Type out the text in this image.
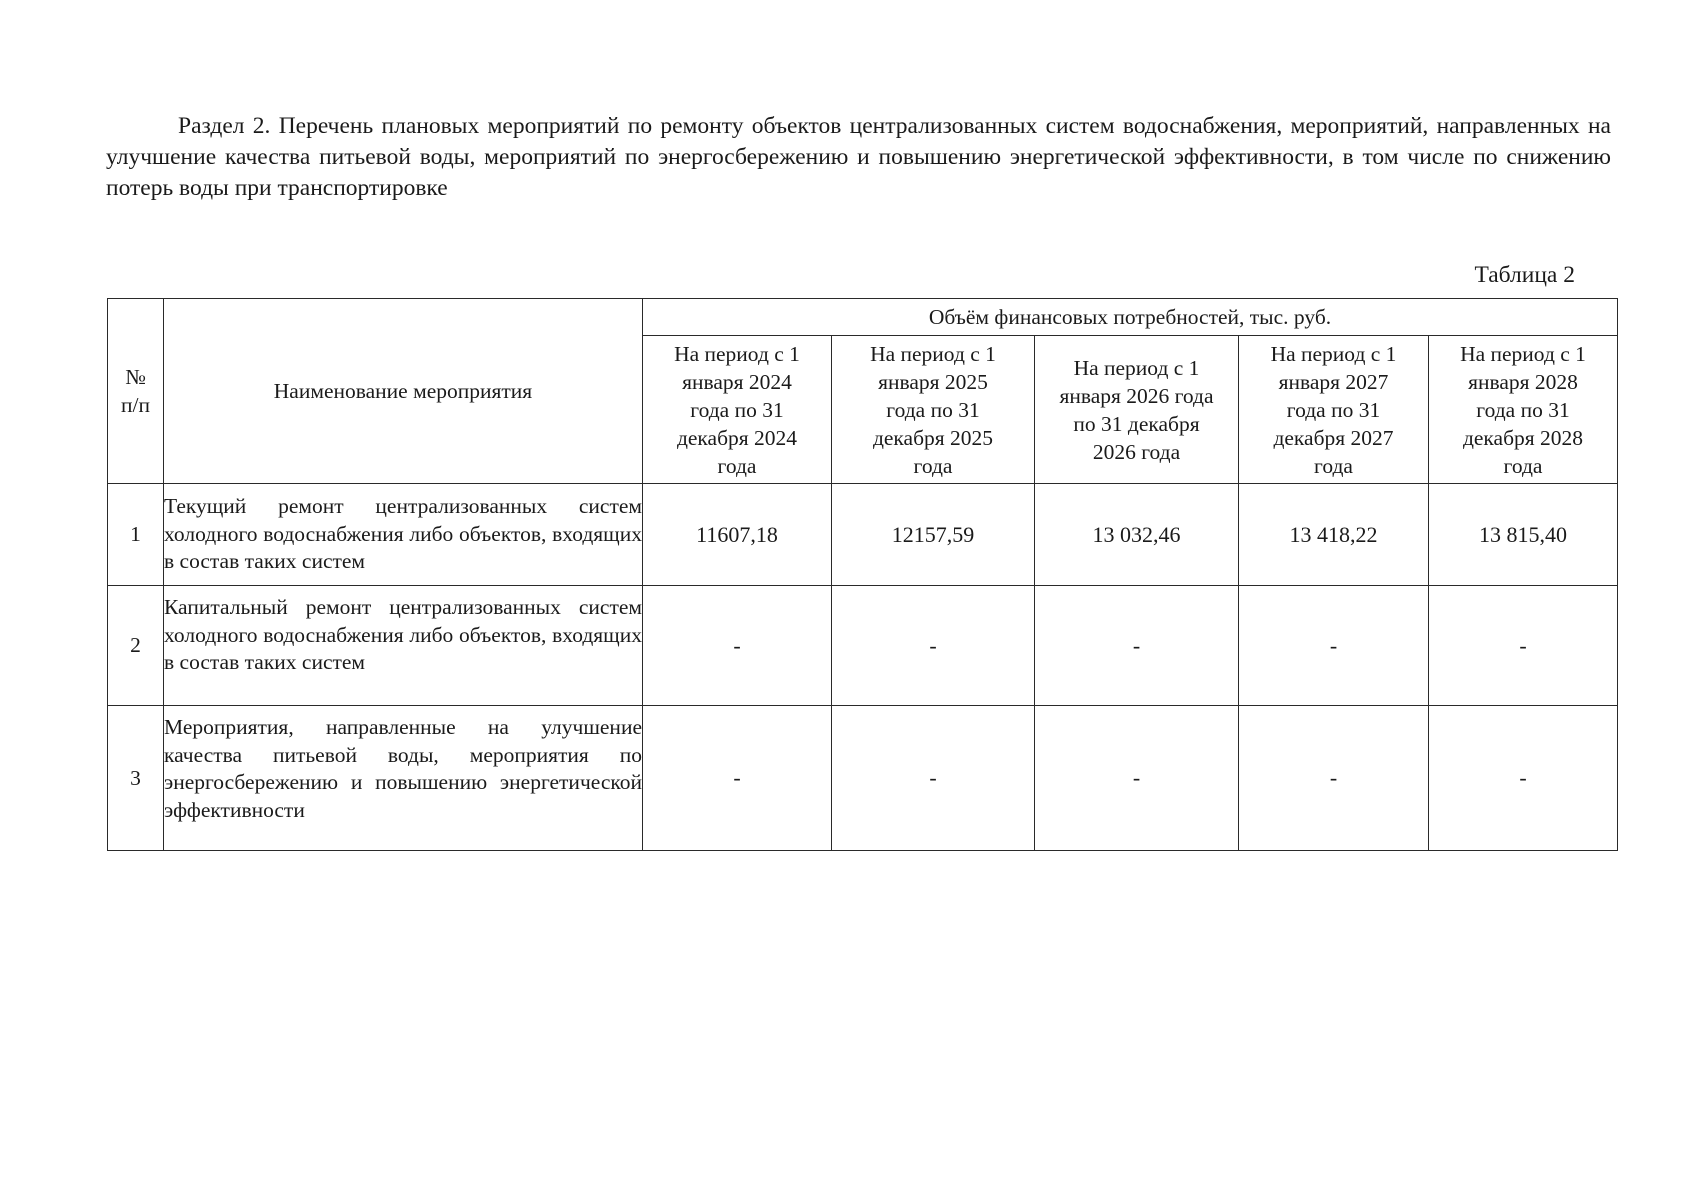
Раздел 2. Перечень плановых мероприятий по ремонту объектов централизованных систем водоснабжения, мероприятий, направленных на улучшение качества питьевой воды, мероприятий по энергосбережению и повышению энергетической эффективности, в том числе по снижению потерь воды при транспортировке

Таблица 2

№ п/п	Наименование мероприятия	Объём финансовых потребностей, тыс. руб.				

		На период с 1 января 2024 года по 31 декабря 2024 года	На период с 1 января 2025 года по 31 декабря 2025 года	На период с 1 января 2026 года по 31 декабря 2026 года	На период с 1 января 2027 года по 31 декабря 2027 года	На период с 1 января 2028 года по 31 декабря 2028 года

1	Текущий ремонт централизованных систем холодного водоснабжения либо объектов, входящих в состав таких систем	11607,18	12157,59	13 032,46	13 418,22	13 815,40
2	Капитальный ремонт централизованных систем холодного водоснабжения либо объектов, входящих в состав таких систем	-	-	-	-	-
3	Мероприятия, направленные на улучшение качества питьевой воды, мероприятия по энергосбережению и повышению энергетической эффективности	-	-	-	-	-
